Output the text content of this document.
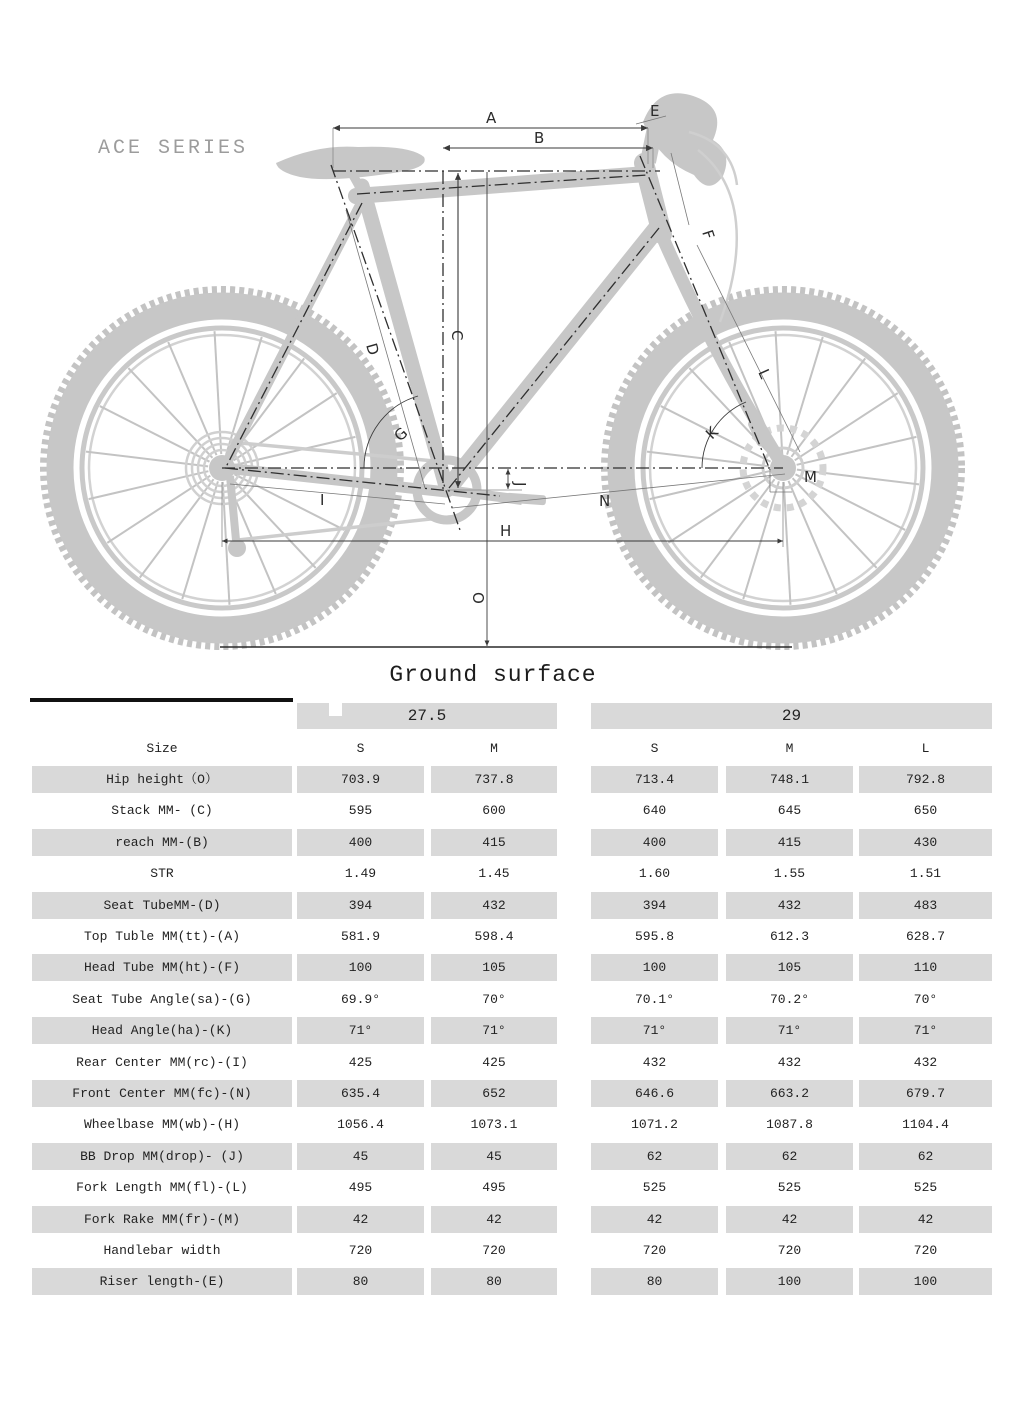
ACE SERIES
A
B
C
D
E
F
G
H
I
J
K
L
M
N
O
Ground surface
27.5	29
Size	S	M	S	M	L
Hip height（O）	703.9	737.8	713.4	748.1	792.8
Stack MM- (C)	595	600	640	645	650
reach MM-(B)	400	415	400	415	430
STR	1.49	1.45	1.60	1.55	1.51
Seat TubeMM-(D)	394	432	394	432	483
Top Tuble MM(tt)-(A)	581.9	598.4	595.8	612.3	628.7
Head Tube MM(ht)-(F)	100	105	100	105	110
Seat Tube Angle(sa)-(G)	69.9°	70°	70.1°	70.2°	70°
Head Angle(ha)-(K)	71°	71°	71°	71°	71°
Rear Center MM(rc)-(I)	425	425	432	432	432
Front Center MM(fc)-(N)	635.4	652	646.6	663.2	679.7
Wheelbase MM(wb)-(H)	1056.4	1073.1	1071.2	1087.8	1104.4
BB Drop MM(drop)- (J)	45	45	62	62	62
Fork Length MM(fl)-(L)	495	495	525	525	525
Fork Rake MM(fr)-(M)	42	42	42	42	42
Handlebar width	720	720	720	720	720
Riser length-(E)	80	80	80	100	100
